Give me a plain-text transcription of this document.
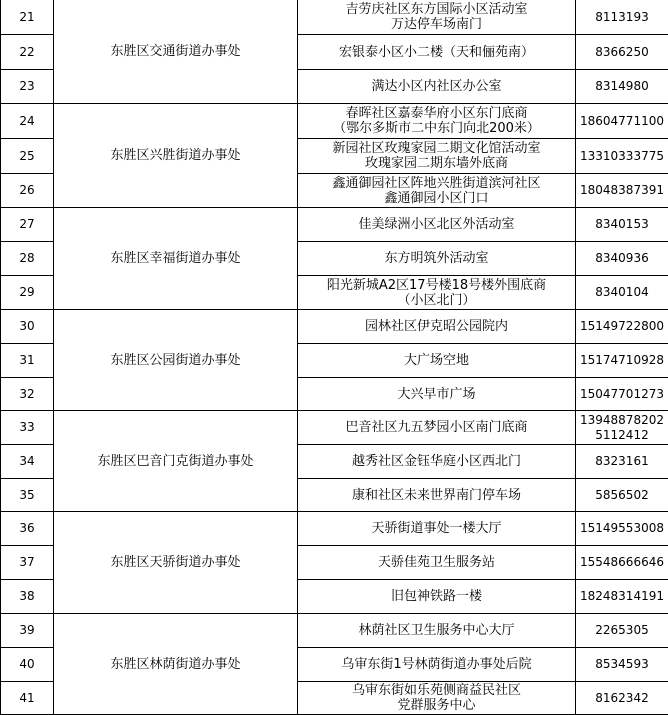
21	东胜区交通街道办事处	吉劳庆社区东方国际小区活动室
万达停车场南门	8113193

22		宏银泰小区小二楼（天和俪苑南）	8366250

23		满达小区内社区办公室	8314980

24	东胜区兴胜街道办事处	春晖社区嘉泰华府小区东门底商
（鄂尔多斯市二中东门向北200米）	18604771100

25		新园社区玫瑰家园二期文化馆活动室
玫瑰家园二期东墙外底商	13310333775

26		鑫通御园社区阵地兴胜街道滨河社区
鑫通御园小区门口	18048387391

27	东胜区幸福街道办事处	佳美绿洲小区北区外活动室	8340153

28		东方明筑外活动室	8340936

29		阳光新城A2区17号楼18号楼外围底商
（小区北门）	8340104

30	东胜区公园街道办事处	园林社区伊克昭公园院内	15149722800

31		大广场空地	15174710928

32		大兴早市广场	15047701273

33	东胜区巴音门克街道办事处	巴音社区九五梦园小区南门底商	13948878202
5112412

34		越秀社区金钰华庭小区西北门	8323161

35		康和社区未来世界南门停车场	5856502

36	东胜区天骄街道办事处	天骄街道事处一楼大厅	15149553008

37		天骄佳苑卫生服务站	15548666646

38		旧包神铁路一楼	18248314191

39	东胜区林荫街道办事处	林荫社区卫生服务中心大厅	2265305

40		乌审东街1号林荫街道办事处后院	8534593

41		乌审东街如乐苑侧商益民社区
党群服务中心	8162342
